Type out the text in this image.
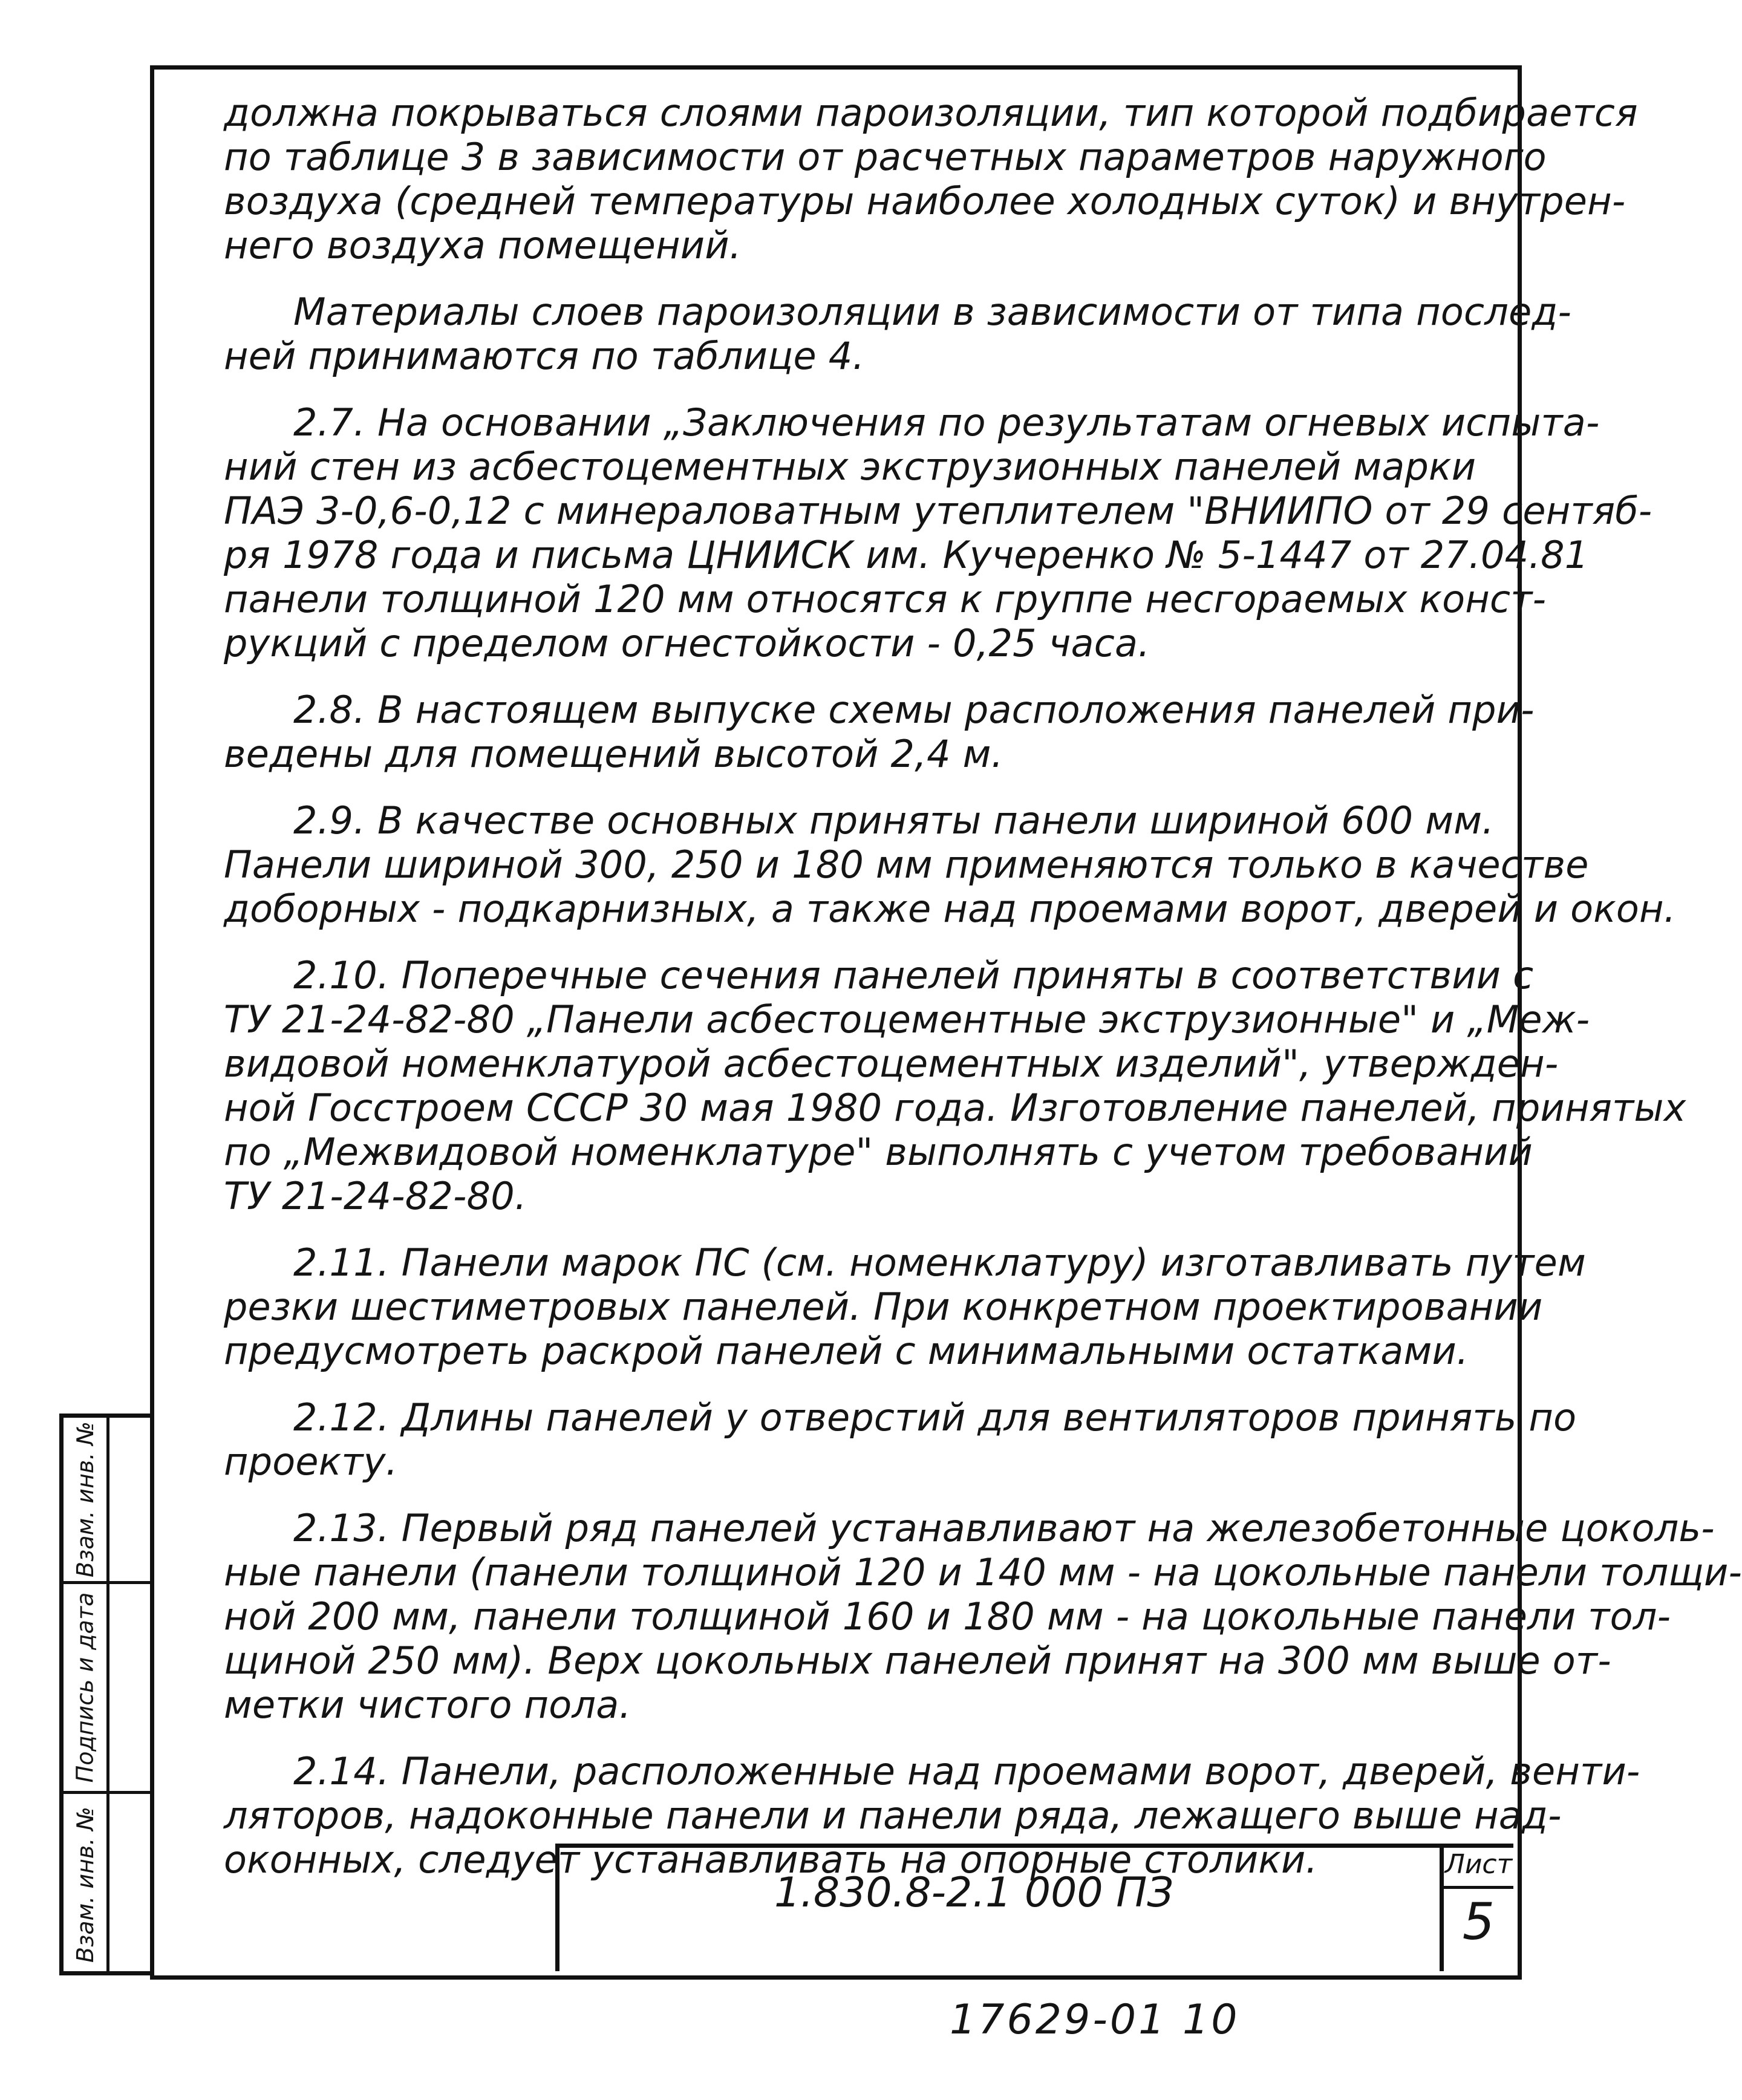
должна покрываться слоями пароизоляции, тип которой подбирается
по таблице 3 в зависимости от расчетных параметров наружного
воздуха (средней температуры наиболее холодных суток) и внутрен-
него воздуха помещений.
Материалы слоев пароизоляции в зависимости от типа послед-
ней принимаются по таблице 4.
2.7. На основании „Заключения по результатам огневых испыта-
ний стен из асбестоцементных экструзионных панелей марки
ПАЭ 3-0,6-0,12 с минераловатным утеплителем "ВНИИПО от 29 сентяб-
ря 1978 года и письма ЦНИИСК им. Кучеренко № 5-1447 от 27.04.81
панели толщиной 120 мм относятся к группе несгораемых конст-
рукций с пределом огнестойкости - 0,25 часа.
2.8. В настоящем выпуске схемы расположения панелей при-
ведены для помещений высотой 2,4 м.
2.9. В качестве основных приняты панели шириной 600 мм.
Панели шириной 300, 250 и 180 мм применяются только в качестве
доборных - подкарнизных, а также над проемами ворот, дверей и окон.
2.10. Поперечные сечения панелей приняты в соответствии с
ТУ 21-24-82-80 „Панели асбестоцементные экструзионные" и „Меж-
видовой номенклатурой асбестоцементных изделий", утвержден-
ной Госстроем СССР 30 мая 1980 года. Изготовление панелей, принятых
по „Межвидовой номенклатуре" выполнять с учетом требований
ТУ 21-24-82-80.
2.11. Панели марок ПС (см. номенклатуру) изготавливать путем
резки шестиметровых панелей. При конкретном проектировании
предусмотреть раскрой панелей с минимальными остатками.
2.12. Длины панелей у отверстий для вентиляторов принять по
проекту.
2.13. Первый ряд панелей устанавливают на железобетонные цоколь-
ные панели (панели толщиной 120 и 140 мм - на цокольные панели толщи-
ной 200 мм, панели толщиной 160 и 180 мм - на цокольные панели тол-
щиной 250 мм). Верх цокольных панелей принят на 300 мм выше от-
метки чистого пола.
2.14. Панели, расположенные над проемами ворот, дверей, венти-
ляторов, надоконные панели и панели ряда, лежащего выше над-
оконных, следует устанавливать на опорные столики.
Взам. инв. №
Подпись и дата
Взам. инв. №	1.830.8-2.1 000 ПЗ
Лист
5
17629-01 10
